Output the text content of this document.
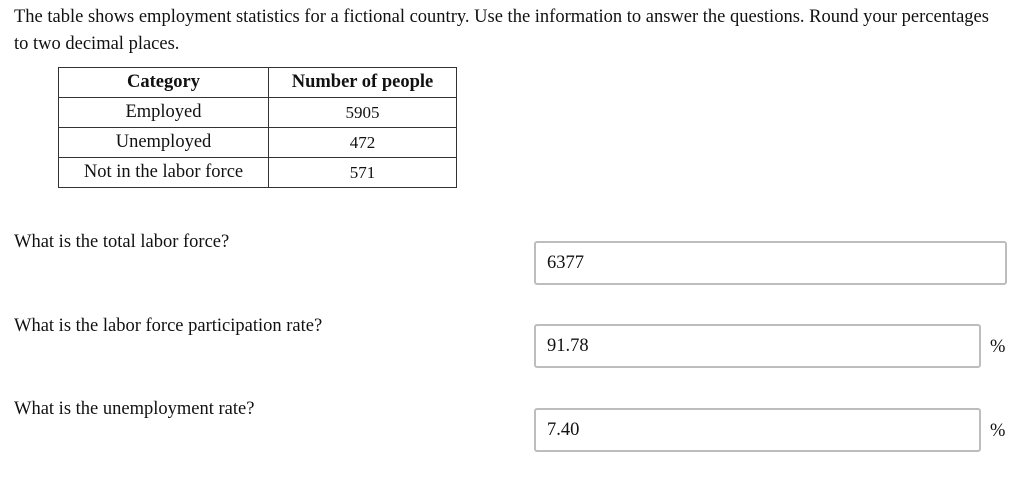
The table shows employment statistics for a fictional country. Use the information to answer the questions. Round your percentages to two decimal places.
Category	Number of people
Employed	5905
Unemployed	472
Not in the labor force	571
What is the total labor force?
6377
What is the labor force participation rate?
91.78
%
What is the unemployment rate?
7.40
%
